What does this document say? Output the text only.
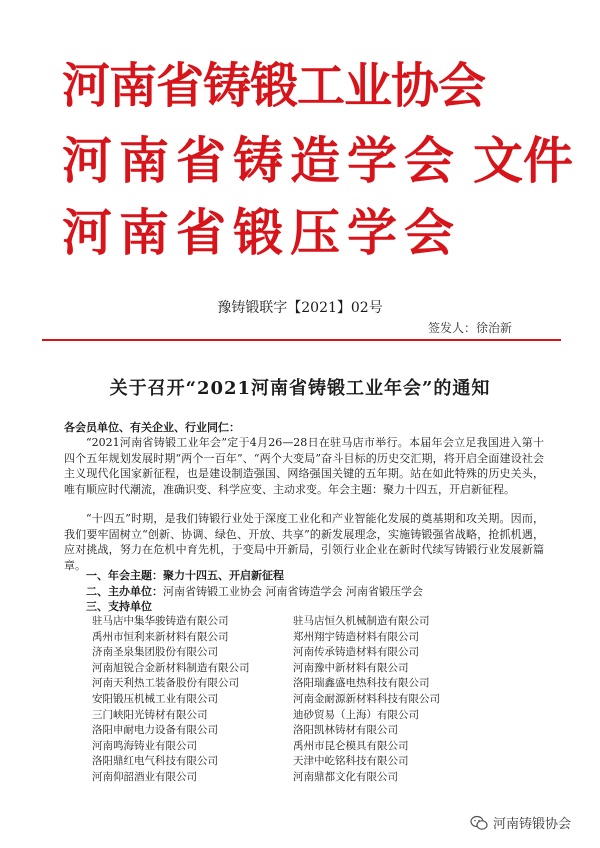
河南省铸锻工业协会
河南省铸造学会 文件
河南省锻压学会
豫铸锻联字【2021】02号
签发人：徐治新
关于召开“2021河南省铸锻工业年会”的通知
各会员单位、有关企业、行业同仁：
“2021河南省铸锻工业年会”定于4月26—28日在驻马店市举行。本届年会立足我国进入第十四个五年规划发展时期“两个一百年”、“两个大变局”奋斗目标的历史交汇期，将开启全面建设社会主义现代化国家新征程，也是建设制造强国、网络强国关键的五年期。站在如此特殊的历史关头，唯有顺应时代潮流，准确识变、科学应变、主动求变。年会主题：聚力十四五，开启新征程。
“十四五”时期，是我们铸锻行业处于深度工业化和产业智能化发展的奠基期和攻关期。因而，我们要牢固树立“创新、协调、绿色、开放、共享”的新发展理念，实施铸锻强省战略，抢抓机遇，应对挑战，努力在危机中育先机，于变局中开新局，引领行业企业在新时代续写铸锻行业发展新篇章。
一、年会主题：聚力十四五、开启新征程
二、主办单位：河南省铸锻工业协会 河南省铸造学会 河南省锻压学会
三、支持单位
驻马店中集华骏铸造有限公司
禹州市恒利来新材料有限公司
济南圣泉集团股份有限公司
河南旭锐合金新材料制造有限公司
河南天利热工装备股份有限公司
安阳锻压机械工业有限公司
三门峡阳光铸材有限公司
洛阳申耐电力设备有限公司
河南鸣海铸业有限公司
洛阳鼎红电气科技有限公司
河南仰韶酒业有限公司
驻马店恒久机械制造有限公司
郑州翔宇铸造材料有限公司
河南传承铸造材料有限公司
河南豫中新材料有限公司
洛阳瑞鑫盛电热科技有限公司
河南金耐源新材料科技有限公司
迪砂贸易（上海）有限公司
洛阳凯林铸材有限公司
禹州市昆仑模具有限公司
天津中屹铭科技有限公司
河南鼎都文化有限公司
河南铸锻协会
